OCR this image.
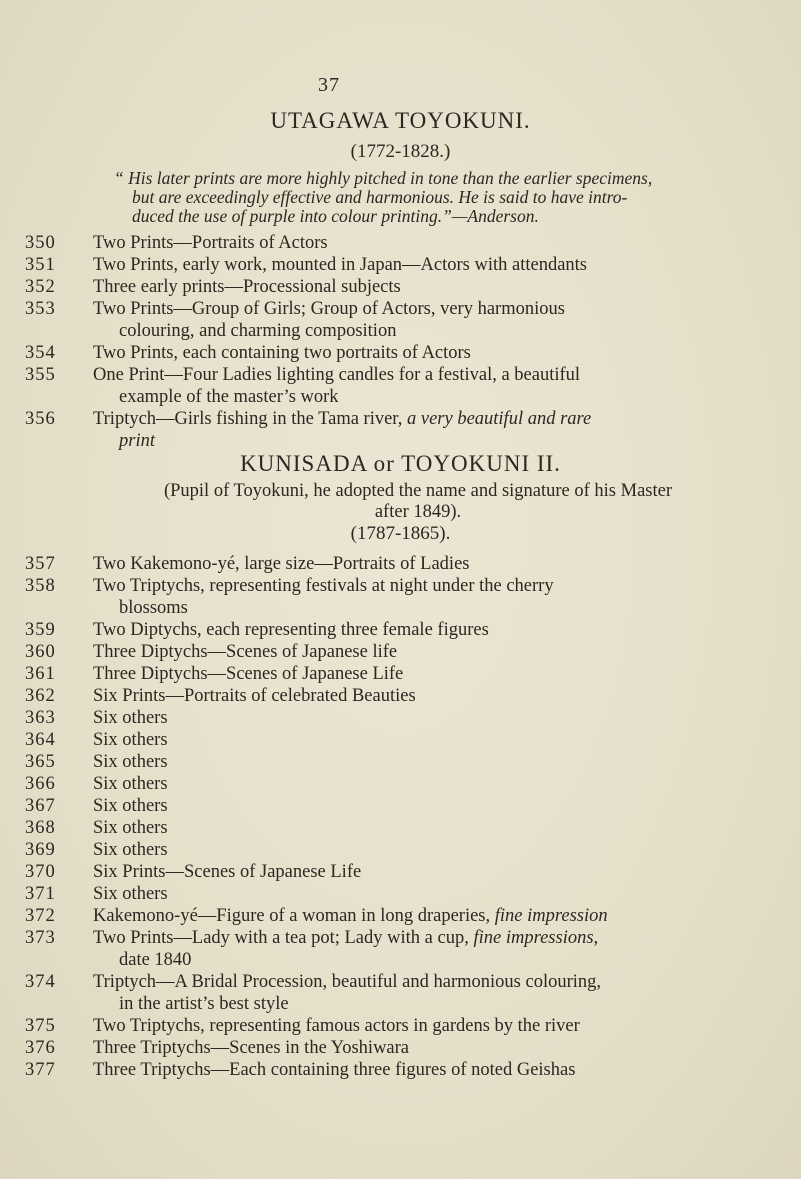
37
UTAGAWA TOYOKUNI.
(1772-1828.)
“ His later prints are more highly pitched in tone than the earlier specimens,
but are exceedingly effective and harmonious. He is said to have intro-
duced the use of purple into colour printing.”—Anderson.
350	Two Prints—Portraits of Actors
351	Two Prints, early work, mounted in Japan—Actors with attendants
352	Three early prints—Processional subjects
353	Two Prints—Group of Girls; Group of Actors, very harmonious
colouring, and charming composition
354	Two Prints, each containing two portraits of Actors
355	One Print—Four Ladies lighting candles for a festival, a beautiful
example of the master’s work
356	Triptych—Girls fishing in the Tama river, a very beautiful and rare
print
KUNISADA or TOYOKUNI II.
(Pupil of Toyokuni, he adopted the name and signature of his Master
after 1849).
(1787-1865).
357	Two Kakemono-yé, large size—Portraits of Ladies
358	Two Triptychs, representing festivals at night under the cherry
blossoms
359	Two Diptychs, each representing three female figures
360	Three Diptychs—Scenes of Japanese life
361	Three Diptychs—Scenes of Japanese Life
362	Six Prints—Portraits of celebrated Beauties
363	Six others
364	Six others
365	Six others
366	Six others
367	Six others
368	Six others
369	Six others
370	Six Prints—Scenes of Japanese Life
371	Six others
372	Kakemono-yé—Figure of a woman in long draperies, fine impression
373	Two Prints—Lady with a tea pot; Lady with a cup, fine impressions,
date 1840
374	Triptych—A Bridal Procession, beautiful and harmonious colouring,
in the artist’s best style
375	Two Triptychs, representing famous actors in gardens by the river
376	Three Triptychs—Scenes in the Yoshiwara
377	Three Triptychs—Each containing three figures of noted Geishas
